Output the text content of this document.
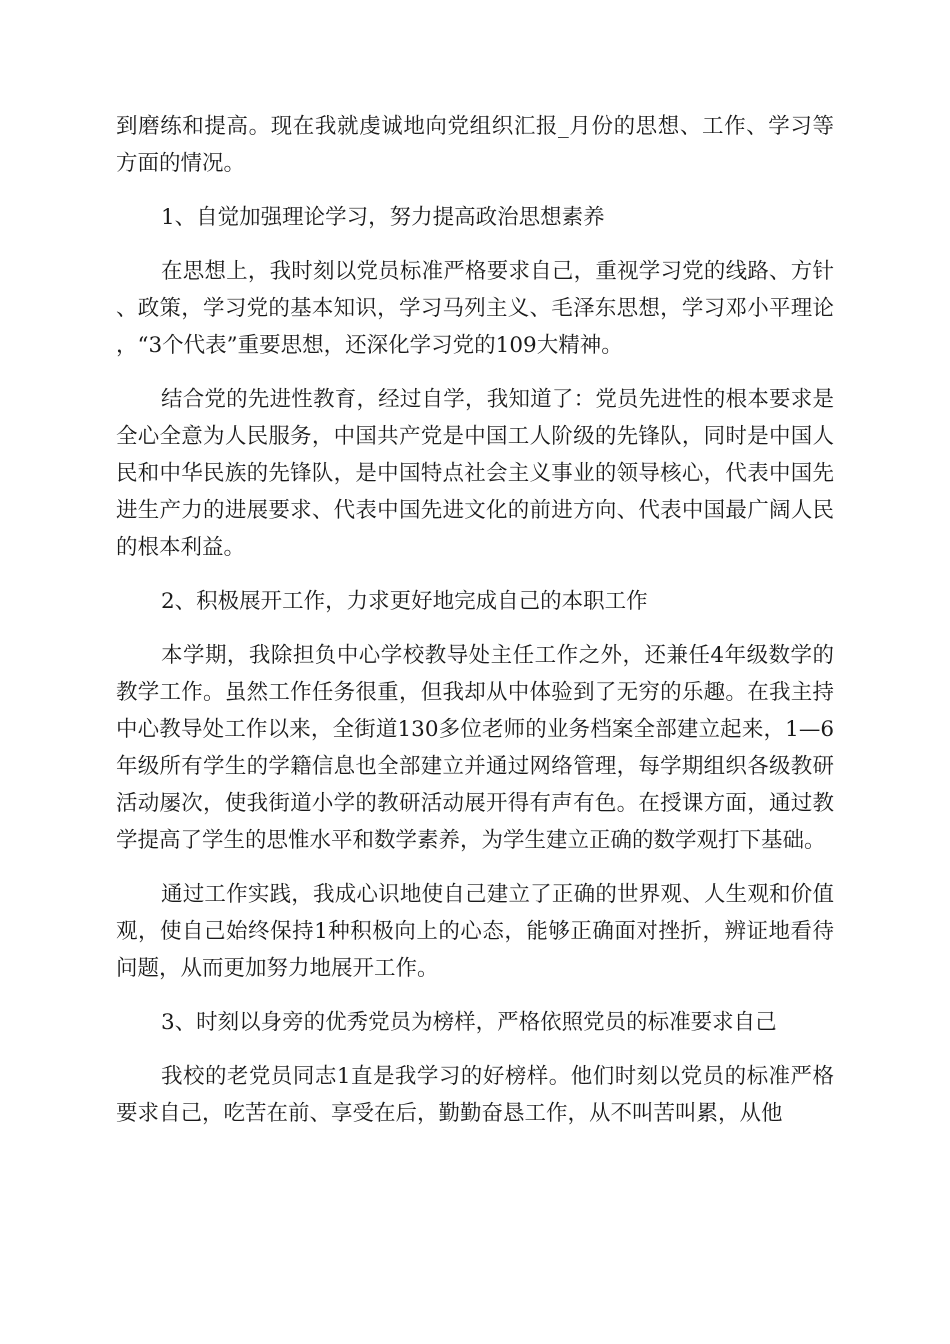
到磨练和提高。现在我就虔诚地向党组织汇报_月份的思想、工作、学习等方面的情况。

1、自觉加强理论学习，努力提高政治思想素养

在思想上，我时刻以党员标准严格要求自己，重视学习党的线路、方针、政策，学习党的基本知识，学习马列主义、毛泽东思想，学习邓小平理论，“3个代表”重要思想，还深化学习党的109大精神。

结合党的先进性教育，经过自学，我知道了：党员先进性的根本要求是全心全意为人民服务，中国共产党是中国工人阶级的先锋队，同时是中国人民和中华民族的先锋队，是中国特点社会主义事业的领导核心，代表中国先进生产力的进展要求、代表中国先进文化的前进方向、代表中国最广阔人民的根本利益。

2、积极展开工作，力求更好地完成自己的本职工作

本学期，我除担负中心学校教导处主任工作之外，还兼任4年级数学的教学工作。虽然工作任务很重，但我却从中体验到了无穷的乐趣。在我主持中心教导处工作以来，全街道130多位老师的业务档案全部建立起来，1—6年级所有学生的学籍信息也全部建立并通过网络管理，每学期组织各级教研活动屡次，使我街道小学的教研活动展开得有声有色。在授课方面，通过教学提高了学生的思惟水平和数学素养，为学生建立正确的数学观打下基础。

通过工作实践，我成心识地使自己建立了正确的世界观、人生观和价值观，使自己始终保持1种积极向上的心态，能够正确面对挫折，辨证地看待问题，从而更加努力地展开工作。

3、时刻以身旁的优秀党员为榜样，严格依照党员的标准要求自己

我校的老党员同志1直是我学习的好榜样。他们时刻以党员的标准严格要求自己，吃苦在前、享受在后，勤勤奋恳工作，从不叫苦叫累，从他
